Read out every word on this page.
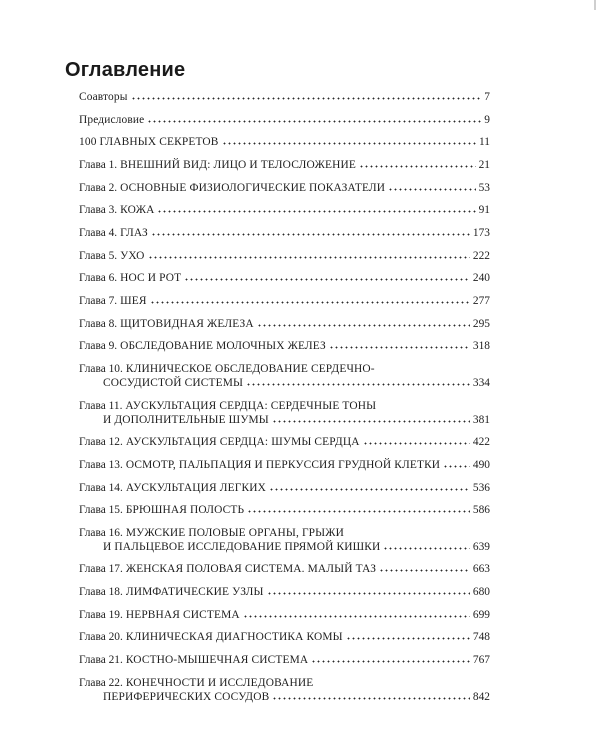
Оглавление
Соавторы	7
Предисловие	9
100 ГЛАВНЫХ СЕКРЕТОВ	11
Глава 1. ВНЕШНИЙ ВИД: ЛИЦО И ТЕЛОСЛОЖЕНИЕ	21
Глава 2. ОСНОВНЫЕ ФИЗИОЛОГИЧЕСКИЕ ПОКАЗАТЕЛИ	53
Глава 3. КОЖА	91
Глава 4. ГЛАЗ	173
Глава 5. УХО	222
Глава 6. НОС И РОТ	240
Глава 7. ШЕЯ	277
Глава 8. ЩИТОВИДНАЯ ЖЕЛЕЗА	295
Глава 9. ОБСЛЕДОВАНИЕ МОЛОЧНЫХ ЖЕЛЕЗ	318
Глава 10. КЛИНИЧЕСКОЕ ОБСЛЕДОВАНИЕ СЕРДЕЧНО-
СОСУДИСТОЙ СИСТЕМЫ	334
Глава 11. АУСКУЛЬТАЦИЯ СЕРДЦА: СЕРДЕЧНЫЕ ТОНЫ
И ДОПОЛНИТЕЛЬНЫЕ ШУМЫ	381
Глава 12. АУСКУЛЬТАЦИЯ СЕРДЦА: ШУМЫ СЕРДЦА	422
Глава 13. ОСМОТР, ПАЛЬПАЦИЯ И ПЕРКУССИЯ ГРУДНОЙ КЛЕТКИ	490
Глава 14. АУСКУЛЬТАЦИЯ ЛЕГКИХ	536
Глава 15. БРЮШНАЯ ПОЛОСТЬ	586
Глава 16. МУЖСКИЕ ПОЛОВЫЕ ОРГАНЫ, ГРЫЖИ
И ПАЛЬЦЕВОЕ ИССЛЕДОВАНИЕ ПРЯМОЙ КИШКИ	639
Глава 17. ЖЕНСКАЯ ПОЛОВАЯ СИСТЕМА. МАЛЫЙ ТАЗ	663
Глава 18. ЛИМФАТИЧЕСКИЕ УЗЛЫ	680
Глава 19. НЕРВНАЯ СИСТЕМА	699
Глава 20. КЛИНИЧЕСКАЯ ДИАГНОСТИКА КОМЫ	748
Глава 21. КОСТНО-МЫШЕЧНАЯ СИСТЕМА	767
Глава 22. КОНЕЧНОСТИ И ИССЛЕДОВАНИЕ
ПЕРИФЕРИЧЕСКИХ СОСУДОВ	842
